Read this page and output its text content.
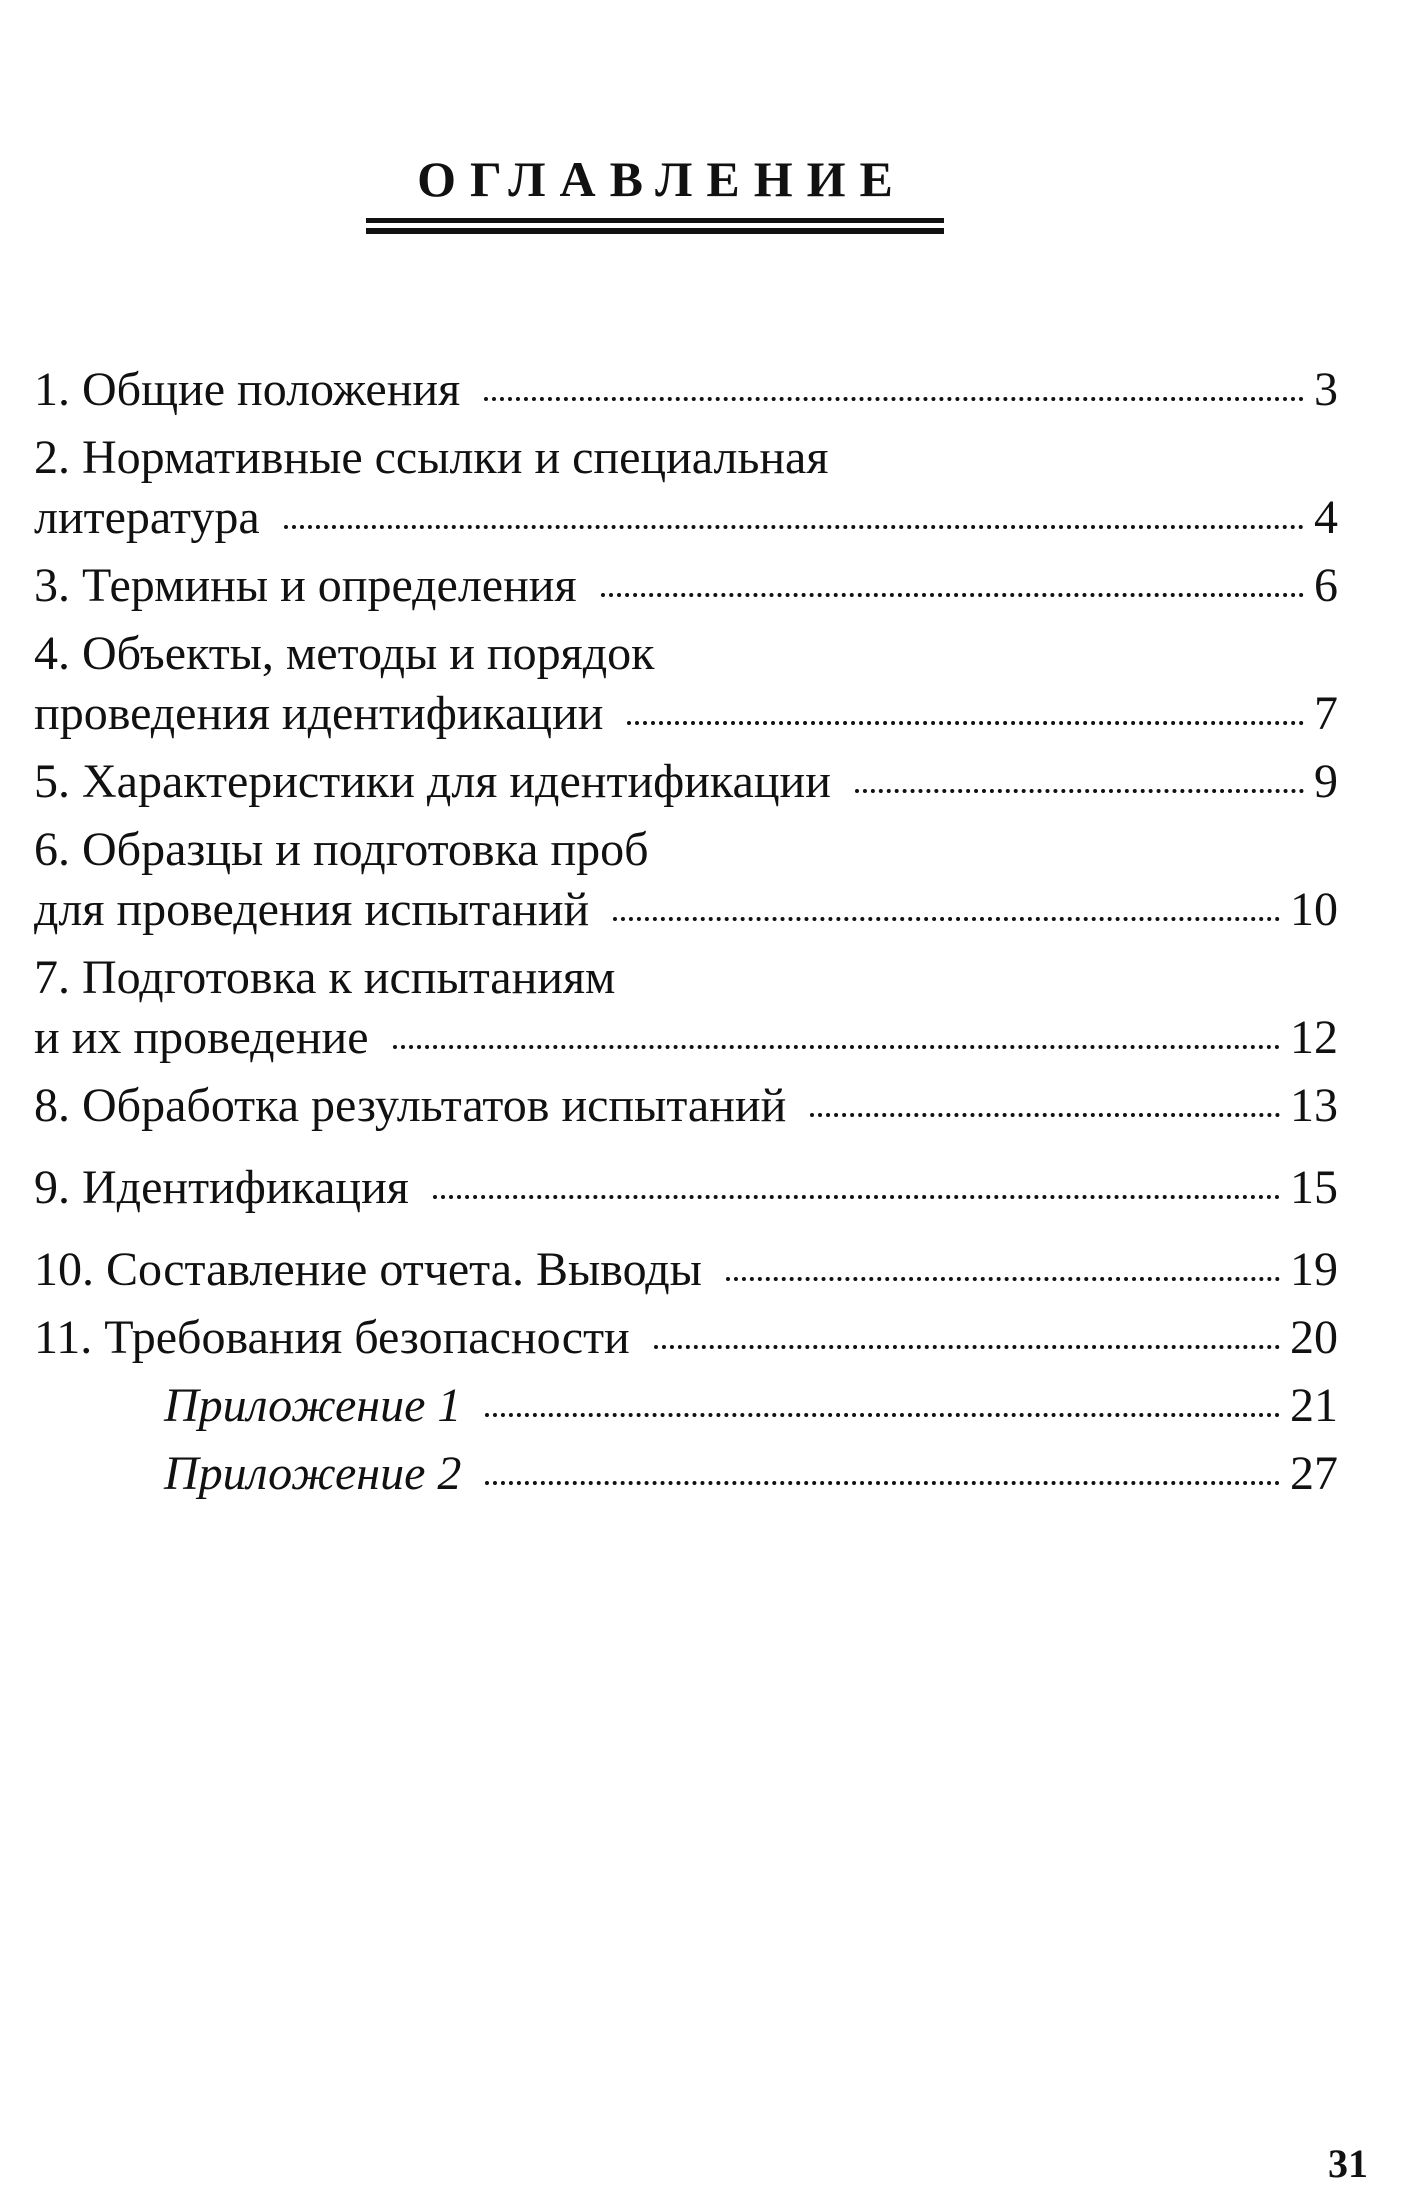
ОГЛАВЛЕНИЕ
1. Общие положения	3
2. Нормативные ссылки и специальная
литература	4
3. Термины и определения	6
4. Объекты, методы и порядок
проведения идентификации	7
5. Характеристики для идентификации	9
6. Образцы и подготовка проб
для проведения испытаний	10
7. Подготовка к испытаниям
и их проведение	12
8. Обработка результатов испытаний	13
9. Идентификация	15
10. Составление отчета. Выводы	19
11. Требования безопасности	20
Приложение 1	21
Приложение 2	27
31
